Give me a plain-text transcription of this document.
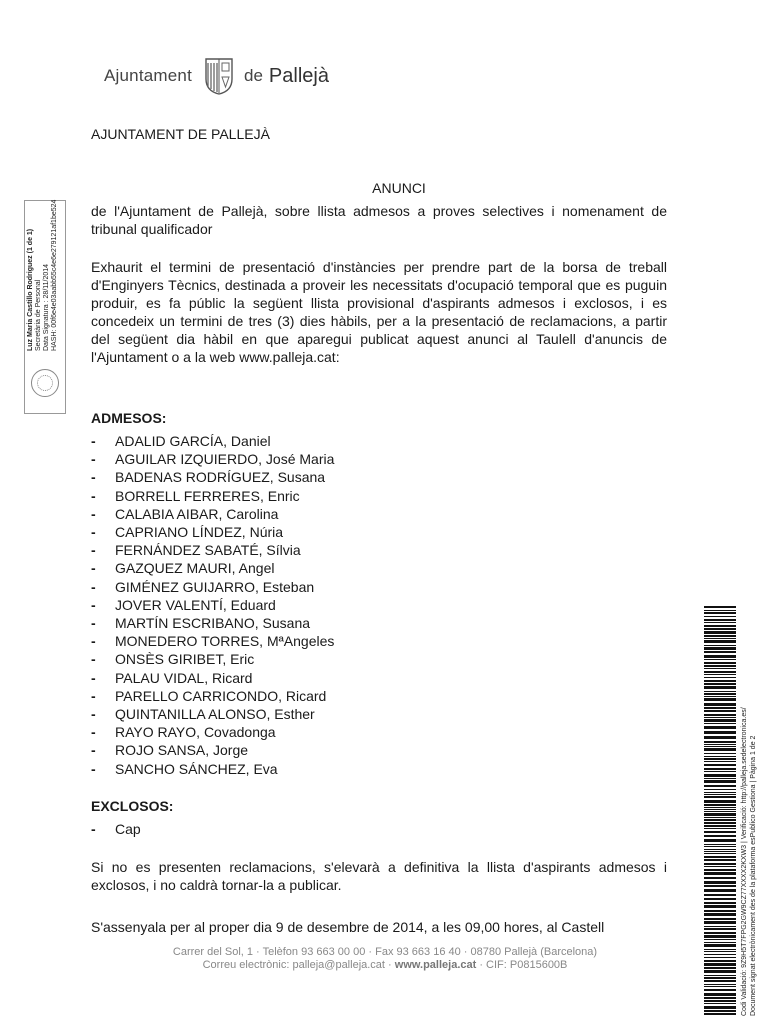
Ajuntament	de Pallejà
Luz Maria Castillo Rodriguez (1 de 1) Secretària de Personal Data Signatura : 28/11/2014 HASH: 00f6e4e03aabb55c4e6e279121af1be524
AJUNTAMENT DE PALLEJÀ
ANUNCI

de l'Ajuntament de Pallejà, sobre llista admesos a proves selectives i nomenament de tribunal qualificador

Exhaurit el termini de presentació d'instàncies per prendre part de la borsa de treball d'Enginyers Tècnics, destinada a proveir les necessitats d'ocupació temporal que es puguin produir, es fa públic la següent llista provisional d'aspirants admesos i exclosos, i es concedeix un termini de tres (3) dies hàbils, per a la presentació de reclamacions, a partir del següent dia hàbil en que aparegui publicat aquest anunci al Taulell d'anuncis de l'Ajuntament o a la web www.palleja.cat:

ADMESOS:
-	ADALID GARCÍA, Daniel
-	AGUILAR IZQUIERDO, José Maria
-	BADENAS RODRÍGUEZ, Susana
-	BORRELL FERRERES, Enric
-	CALABIA AIBAR, Carolina
-	CAPRIANO LÍNDEZ, Núria
-	FERNÁNDEZ SABATÉ, Sílvia
-	GAZQUEZ MAURI, Angel
-	GIMÉNEZ GUIJARRO, Esteban
-	JOVER VALENTÍ, Eduard
-	MARTÍN ESCRIBANO, Susana
-	MONEDERO TORRES, MªAngeles
-	ONSÈS GIRIBET, Eric
-	PALAU VIDAL, Ricard
-	PARELLO CARRICONDO, Ricard
-	QUINTANILLA ALONSO, Esther
-	RAYO RAYO, Covadonga
-	ROJO SANSA, Jorge
-	SANCHO SÁNCHEZ, Eva
EXCLOSOS:
-	Cap

Si no es presenten reclamacions, s'elevarà a definitiva la llista d'aspirants admesos i exclosos, i no caldrà tornar-la a publicar.

S'assenyala per al proper dia 9 de desembre de 2014, a les 09,00 hores, al Castell

Carrer del Sol, 1 · Telèfon 93 663 00 00 · Fax 93 663 16 40 · 08780 Pallejà (Barcelona)
Correu electrònic: palleja@palleja.cat · www.palleja.cat · CIF: P0815600B	Codi Validació: 9Z9H5T7FPG2GW9CZ77XXXX2KXW3 | Verificació: http://palleja.sedelectronica.es/ Document signat electrònicament des de la plataforma esPublico Gestiona | Pàgina 1 de 2
